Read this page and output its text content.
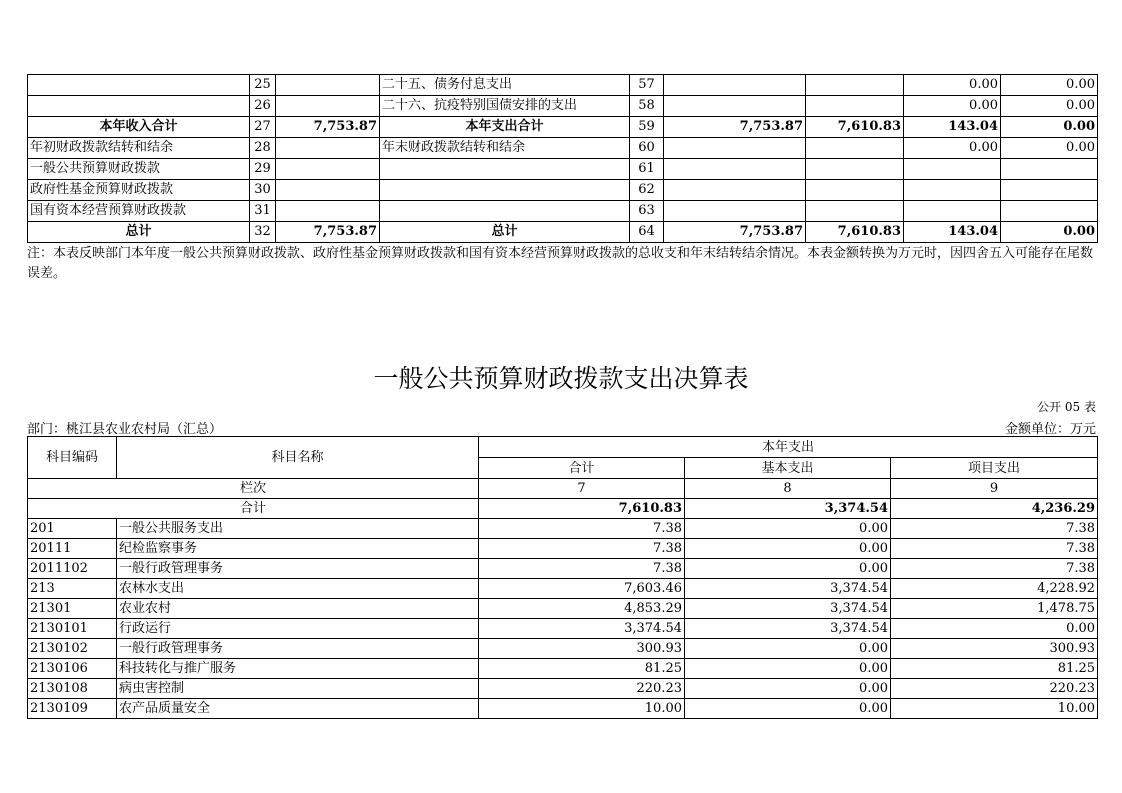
	25		二十五、债务付息支出	57			0.00	0.00
	26		二十六、抗疫特别国债安排的支出	58			0.00	0.00
本年收入合计	27	7,753.87	本年支出合计	59	7,753.87	7,610.83	143.04	0.00
年初财政拨款结转和结余	28		年末财政拨款结转和结余	60			0.00	0.00
一般公共预算财政拨款	29			61				
政府性基金预算财政拨款	30			62				
国有资本经营预算财政拨款	31			63				
总计	32	7,753.87	总计	64	7,753.87	7,610.83	143.04	0.00
注：本表反映部门本年度一般公共预算财政拨款、政府性基金预算财政拨款和国有资本经营预算财政拨款的总收支和年末结转结余情况。本表金额转换为万元时，因四舍五入可能存在尾数误差。
一般公共预算财政拨款支出决算表
公开 05 表
部门：桃江县农业农村局（汇总）	金额单位：万元
科目编码	科目名称	本年支出		
		合计	基本支出	项目支出
栏次		7	8	9
合计		7,610.83	3,374.54	4,236.29
201	一般公共服务支出	7.38	0.00	7.38
20111	纪检监察事务	7.38	0.00	7.38
2011102	一般行政管理事务	7.38	0.00	7.38
213	农林水支出	7,603.46	3,374.54	4,228.92
21301	农业农村	4,853.29	3,374.54	1,478.75
2130101	行政运行	3,374.54	3,374.54	0.00
2130102	一般行政管理事务	300.93	0.00	300.93
2130106	科技转化与推广服务	81.25	0.00	81.25
2130108	病虫害控制	220.23	0.00	220.23
2130109	农产品质量安全	10.00	0.00	10.00
